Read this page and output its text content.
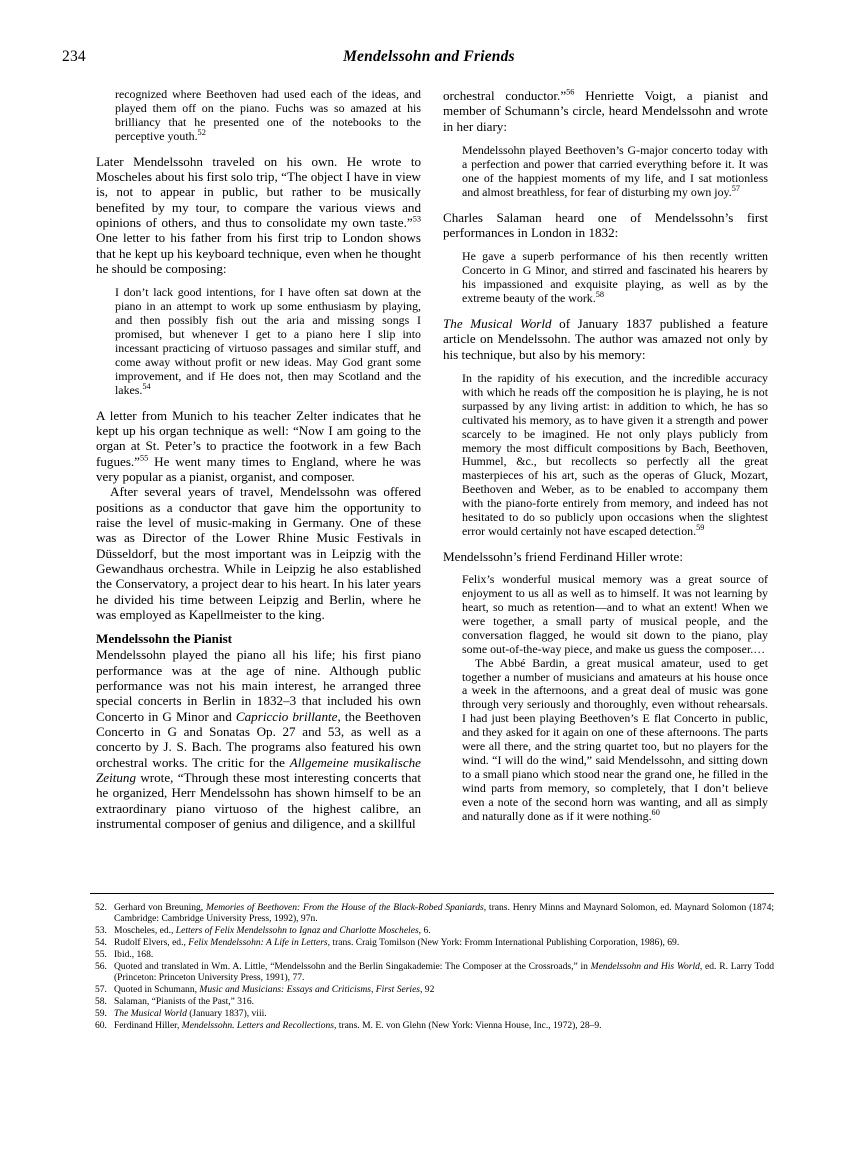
234	Mendelssohn and Friends

recognized where Beethoven had used each of the ideas, and played them off on the piano. Fuchs was so amazed at his brilliancy that he presented one of the notebooks to the perceptive youth.$^{52}$

Later Mendelssohn traveled on his own. He wrote to Moscheles about his first solo trip, “The object I have in view is, not to appear in public, but rather to be musically benefited by my tour, to compare the various views and opinions of others, and thus to consolidate my own taste.”$^{53}$ One letter to his father from his first trip to London shows that he kept up his keyboard technique, even when he thought he should be composing:

I don’t lack good intentions, for I have often sat down at the piano in an attempt to work up some enthusiasm by playing, and then possibly fish out the aria and missing songs I promised, but whenever I get to a piano here I slip into incessant practicing of virtuoso passages and similar stuff, and come away without profit or new ideas. May God grant some improvement, and if He does not, then may Scotland and the lakes.$^{54}$

A letter from Munich to his teacher Zelter indicates that he kept up his organ technique as well: “Now I am going to the organ at St. Peter’s to practice the footwork in a few Bach fugues.”$^{55}$ He went many times to England, where he was very popular as a pianist, organist, and composer.

After several years of travel, Mendelssohn was offered positions as a conductor that gave him the opportunity to raise the level of music-making in Germany. One of these was as Director of the Lower Rhine Music Festivals in Düsseldorf, but the most important was in Leipzig with the Gewandhaus orchestra. While in Leipzig he also established the Conservatory, a project dear to his heart. In his later years he divided his time between Leipzig and Berlin, where he was employed as Kapellmeister to the king.

Mendelssohn the Pianist

Mendelssohn played the piano all his life; his first piano performance was at the age of nine. Although public performance was not his main interest, he arranged three special concerts in Berlin in 1832–3 that included his own Concerto in G Minor and Capriccio brillante, the Beethoven Concerto in G and Sonatas Op. 27 and 53, as well as a concerto by J. S. Bach. The programs also featured his own orchestral works. The critic for the Allgemeine musikalische Zeitung wrote, “Through these most interesting concerts that he organized, Herr Mendelssohn has shown himself to be an extraordinary piano virtuoso of the highest calibre, an instrumental composer of genius and diligence, and a skillful

orchestral conductor.”$^{56}$ Henriette Voigt, a pianist and member of Schumann’s circle, heard Mendelssohn and wrote in her diary:

Mendelssohn played Beethoven’s G-major concerto today with a perfection and power that carried everything before it. It was one of the happiest moments of my life, and I sat motionless and almost breathless, for fear of disturbing my own joy.$^{57}$

Charles Salaman heard one of Mendelssohn’s first performances in London in 1832:

He gave a superb performance of his then recently written Concerto in G Minor, and stirred and fascinated his hearers by his impassioned and exquisite playing, as well as by the extreme beauty of the work.$^{58}$

The Musical World of January 1837 published a feature article on Mendelssohn. The author was amazed not only by his technique, but also by his memory:

In the rapidity of his execution, and the incredible accuracy with which he reads off the composition he is playing, he is not surpassed by any living artist: in addition to which, he has so cultivated his memory, as to have given it a strength and power scarcely to be imagined. He not only plays publicly from memory the most difficult compositions by Bach, Beethoven, Hummel, &c., but recollects so perfectly all the great masterpieces of his art, such as the operas of Gluck, Mozart, Beethoven and Weber, as to be enabled to accompany them with the piano-forte entirely from memory, and indeed has not hesitated to do so publicly upon occasions when the slightest error would certainly not have escaped detection.$^{59}$

Mendelssohn’s friend Ferdinand Hiller wrote:

Felix’s wonderful musical memory was a great source of enjoyment to us all as well as to himself. It was not learning by heart, so much as retention—and to what an extent! When we were together, a small party of musical people, and the conversation flagged, he would sit down to the piano, play some out-of-the-way piece, and make us guess the composer.…

The Abbé Bardin, a great musical amateur, used to get together a number of musicians and amateurs at his house once a week in the afternoons, and a great deal of music was gone through very seriously and thoroughly, even without rehearsals. I had just been playing Beethoven’s E flat Concerto in public, and they asked for it again on one of these afternoons. The parts were all there, and the string quartet too, but no players for the wind. “I will do the wind,” said Mendelssohn, and sitting down to a small piano which stood near the grand one, he filled in the wind parts from memory, so completely, that I don’t believe even a note of the second horn was wanting, and all as simply and naturally done as if it were nothing.$^{60}$

52. Gerhard von Breuning, Memories of Beethoven: From the House of the Black-Robed Spaniards, trans. Henry Minns and Maynard Solomon, ed. Maynard Solomon (1874; Cambridge: Cambridge University Press, 1992), 97n.
53. Moscheles, ed., Letters of Felix Mendelssohn to Ignaz and Charlotte Moscheles, 6.
54. Rudolf Elvers, ed., Felix Mendelssohn: A Life in Letters, trans. Craig Tomilson (New York: Fromm International Publishing Corporation, 1986), 69.
55. Ibid., 168.
56. Quoted and translated in Wm. A. Little, “Mendelssohn and the Berlin Singakademie: The Composer at the Crossroads,” in Mendelssohn and His World, ed. R. Larry Todd (Princeton: Princeton University Press, 1991), 77.
57. Quoted in Schumann, Music and Musicians: Essays and Criticisms, First Series, 92
58. Salaman, “Pianists of the Past,” 316.
59. The Musical World (January 1837), viii.
60. Ferdinand Hiller, Mendelssohn. Letters and Recollections, trans. M. E. von Glehn (New York: Vienna House, Inc., 1972), 28–9.
